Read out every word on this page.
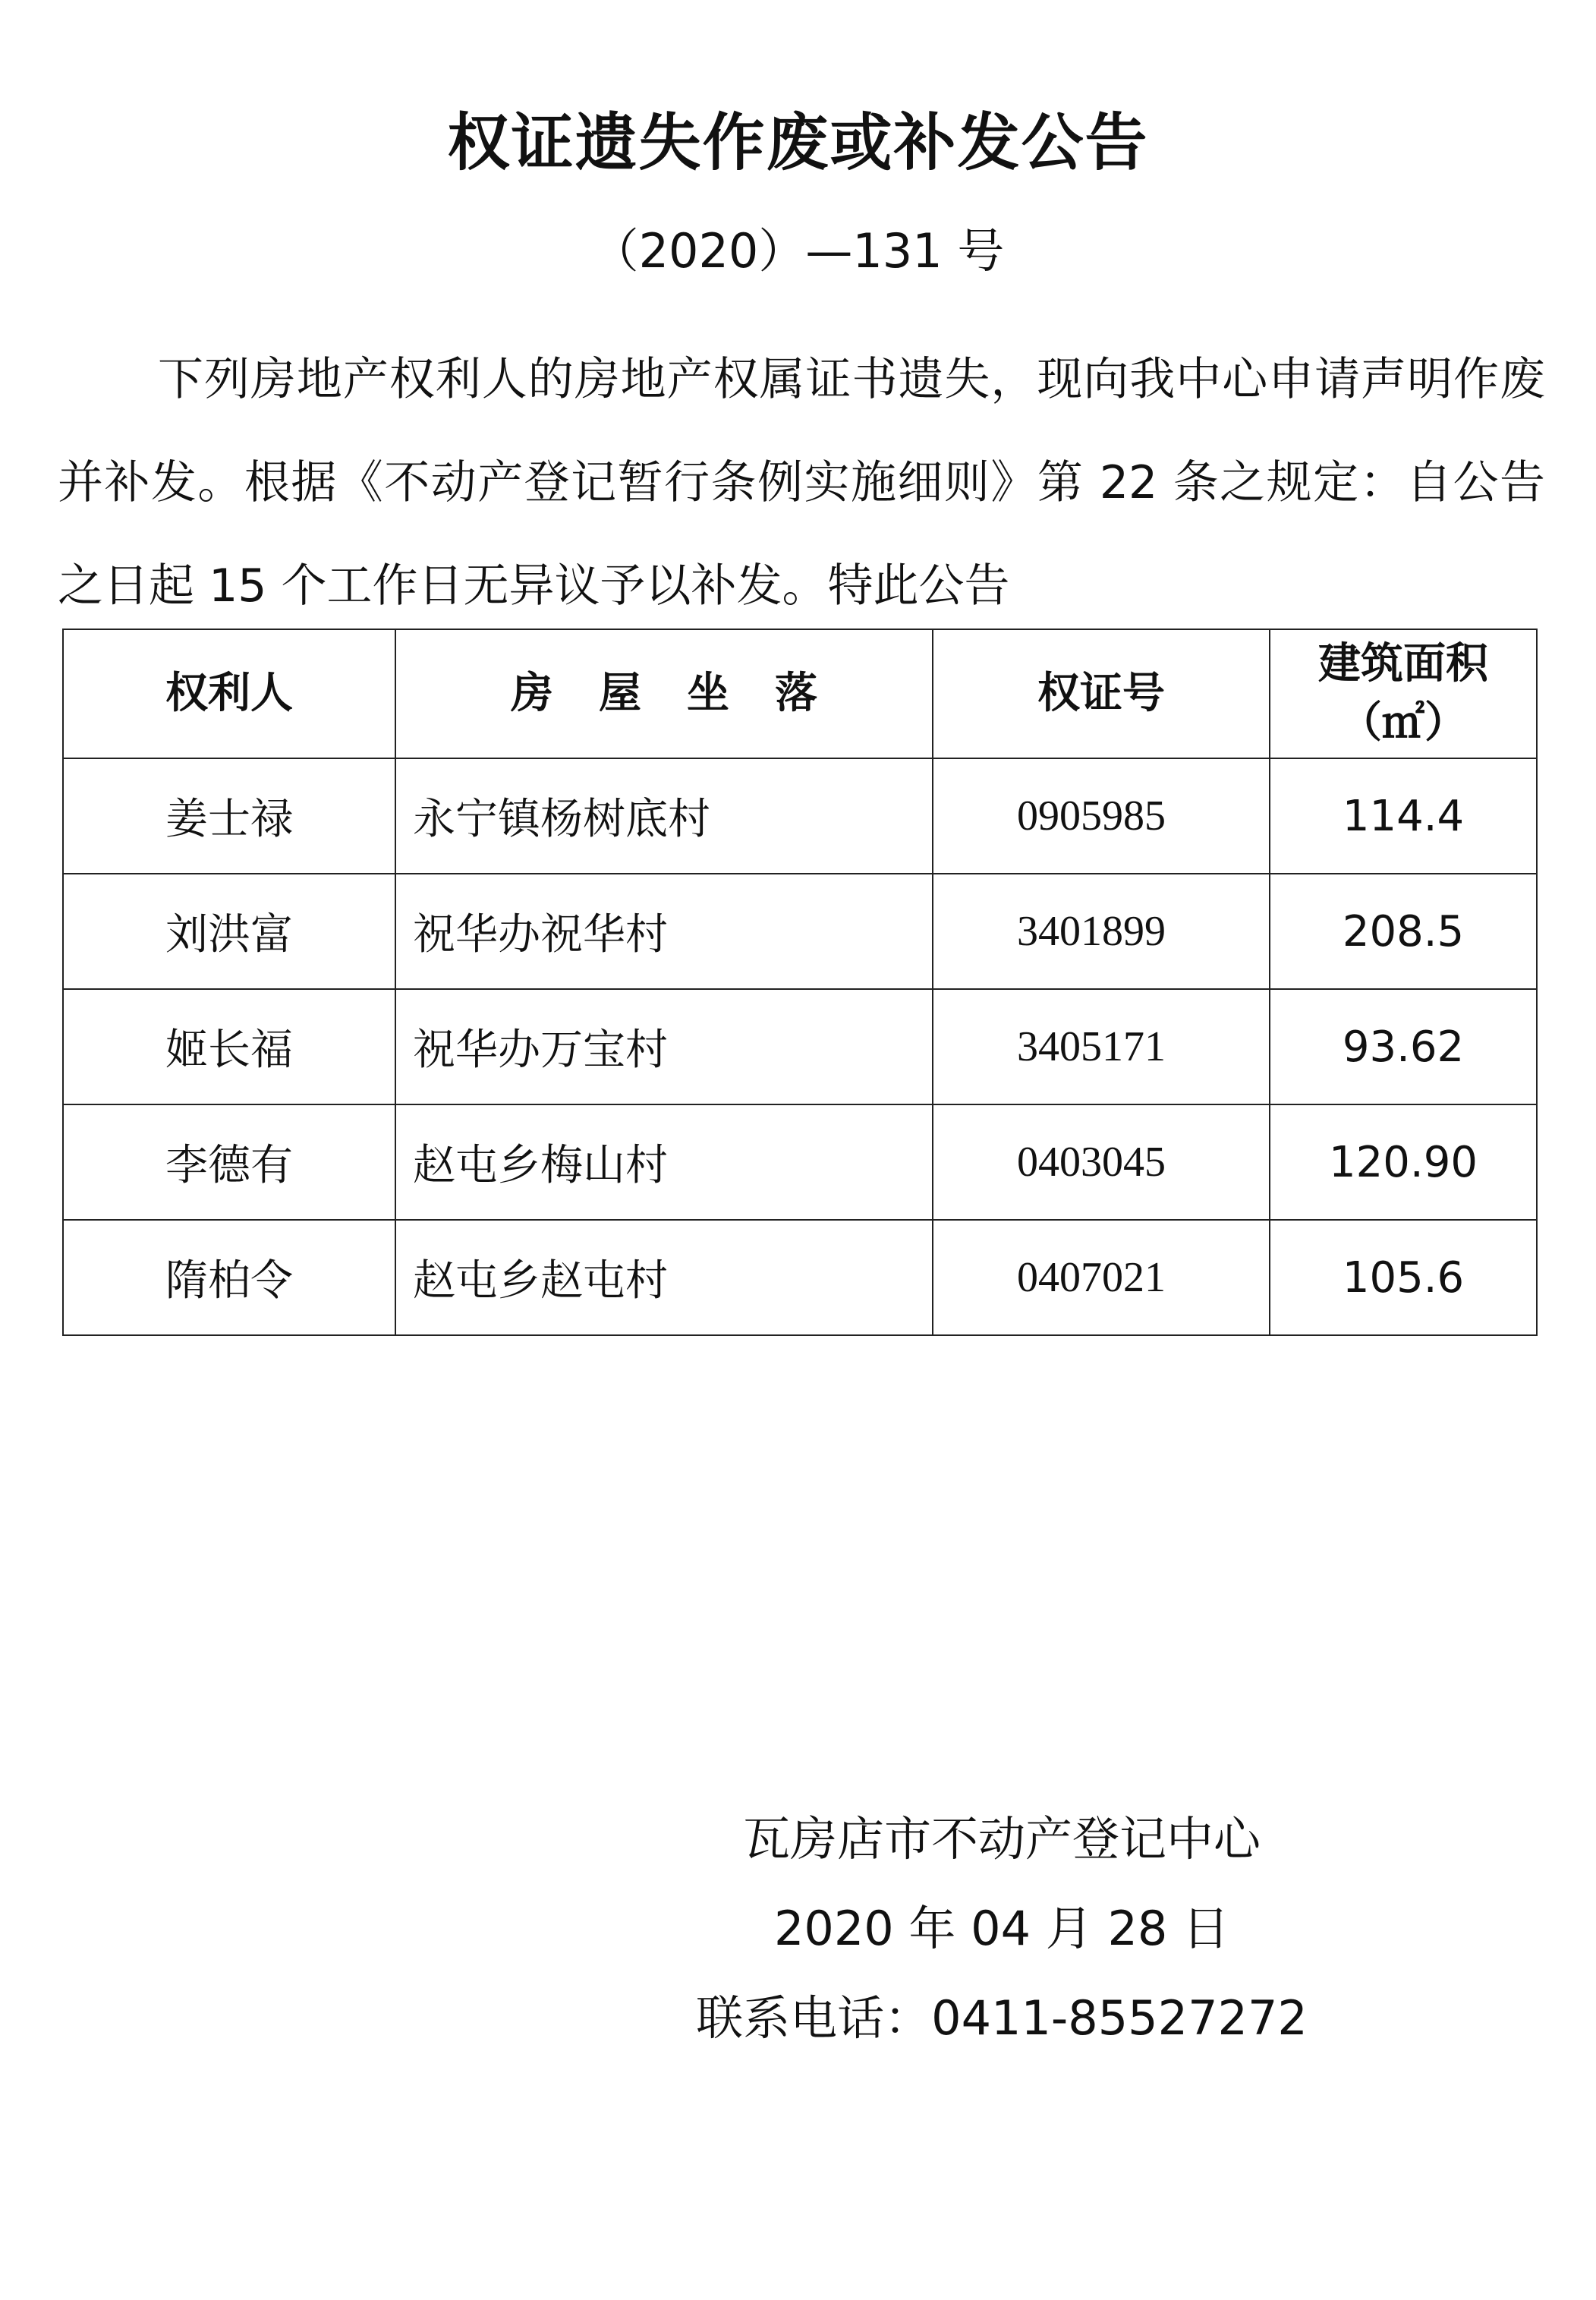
权证遗失作废或补发公告
（2020）—131 号
下列房地产权利人的房地产权属证书遗失，现向我中心申请声明作废并补发。根据《不动产登记暂行条例实施细则》第 22 条之规定：自公告之日起 15 个工作日无异议予以补发。特此公告
权利人	房 屋 坐 落	权证号	建筑面积
（㎡）

姜士禄	永宁镇杨树底村	0905985	114.4
刘洪富	祝华办祝华村	3401899	208.5
姬长福	祝华办万宝村	3405171	93.62
李德有	赵屯乡梅山村	0403045	120.90
隋柏令	赵屯乡赵屯村	0407021	105.6
瓦房店市不动产登记中心
2020 年 04 月 28 日
联系电话：0411-85527272
